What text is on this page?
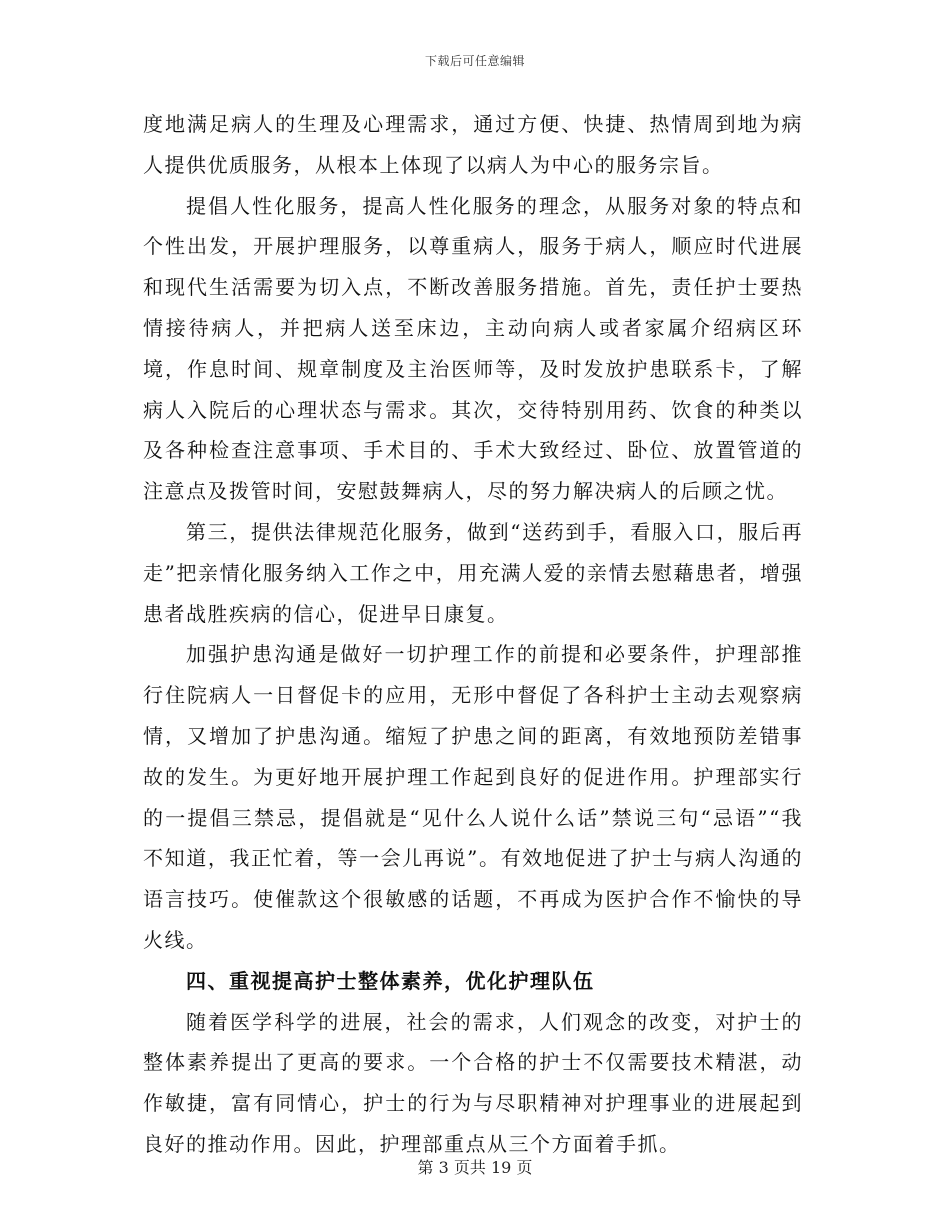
下载后可任意编辑

度地满足病人的生理及心理需求，通过方便、快捷、热情周到地为病人提供优质服务，从根本上体现了以病人为中心的服务宗旨。

提倡人性化服务，提高人性化服务的理念，从服务对象的特点和个性出发，开展护理服务，以尊重病人，服务于病人，顺应时代进展和现代生活需要为切入点，不断改善服务措施。首先，责任护士要热情接待病人，并把病人送至床边，主动向病人或者家属介绍病区环境，作息时间、规章制度及主治医师等，及时发放护患联系卡，了解病人入院后的心理状态与需求。其次，交待特别用药、饮食的种类以及各种检查注意事项、手术目的、手术大致经过、卧位、放置管道的注意点及拨管时间，安慰鼓舞病人，尽的努力解决病人的后顾之忧。

第三，提供法律规范化服务，做到“送药到手，看服入口，服后再走”把亲情化服务纳入工作之中，用充满人爱的亲情去慰藉患者，增强患者战胜疾病的信心，促进早日康复。

加强护患沟通是做好一切护理工作的前提和必要条件，护理部推行住院病人一日督促卡的应用，无形中督促了各科护士主动去观察病情，又增加了护患沟通。缩短了护患之间的距离，有效地预防差错事故的发生。为更好地开展护理工作起到良好的促进作用。护理部实行的一提倡三禁忌，提倡就是“见什么人说什么话”禁说三句“忌语”“我不知道，我正忙着，等一会儿再说”。有效地促进了护士与病人沟通的语言技巧。使催款这个很敏感的话题，不再成为医护合作不愉快的导火线。

四、重视提高护士整体素养，优化护理队伍

随着医学科学的进展，社会的需求，人们观念的改变，对护士的整体素养提出了更高的要求。一个合格的护士不仅需要技术精湛，动作敏捷，富有同情心，护士的行为与尽职精神对护理事业的进展起到良好的推动作用。因此，护理部重点从三个方面着手抓。

第 3 页共 19 页
